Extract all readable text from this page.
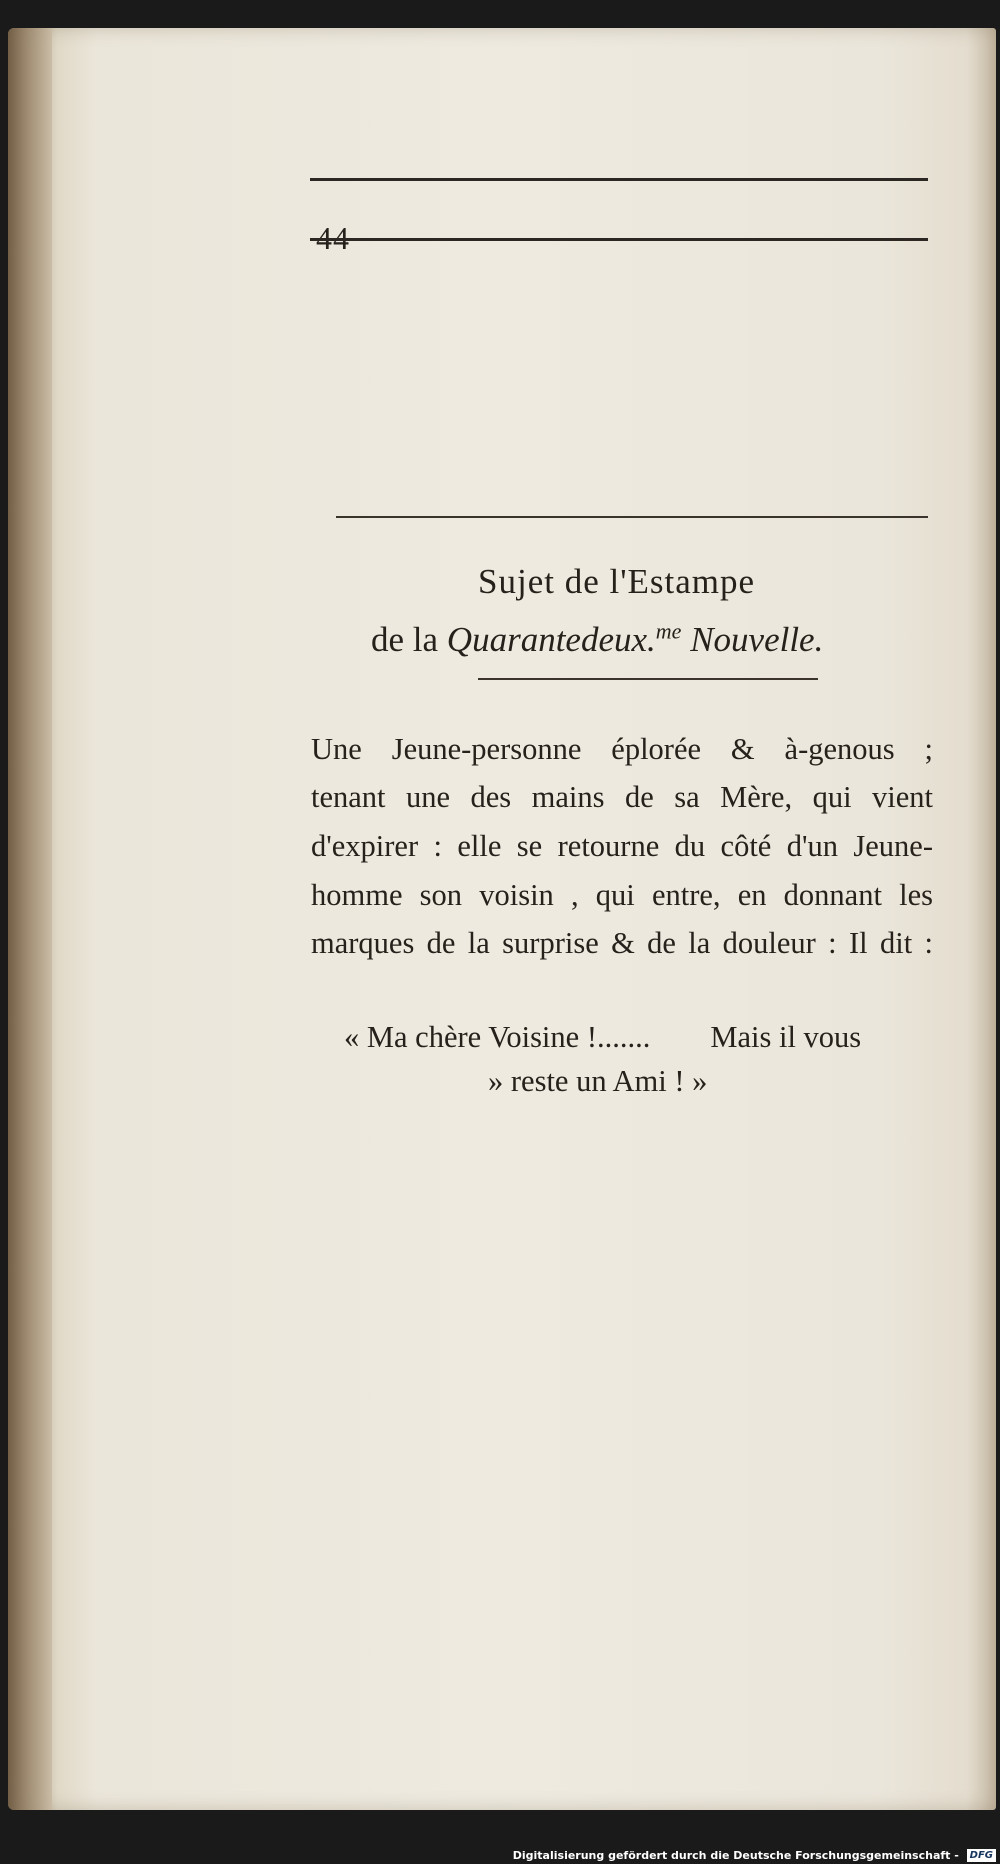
44
Sujet de l'Estampe
de la Quarantedeux.$^{me}$ Nouvelle.
Une Jeune-personne éplorée & à-genous ;
tenant une des mains de sa Mère, qui vient
d'expirer : elle se retourne du côté d'un Jeune-
homme son voisin , qui entre, en donnant les
marques de la surprise & de la douleur : Il dit :
« Ma chère Voisine !....... Mais il vous
» reste un Ami ! »
Digitalisierung gefördert durch die Deutsche Forschungsgemeinschaft - DFG
